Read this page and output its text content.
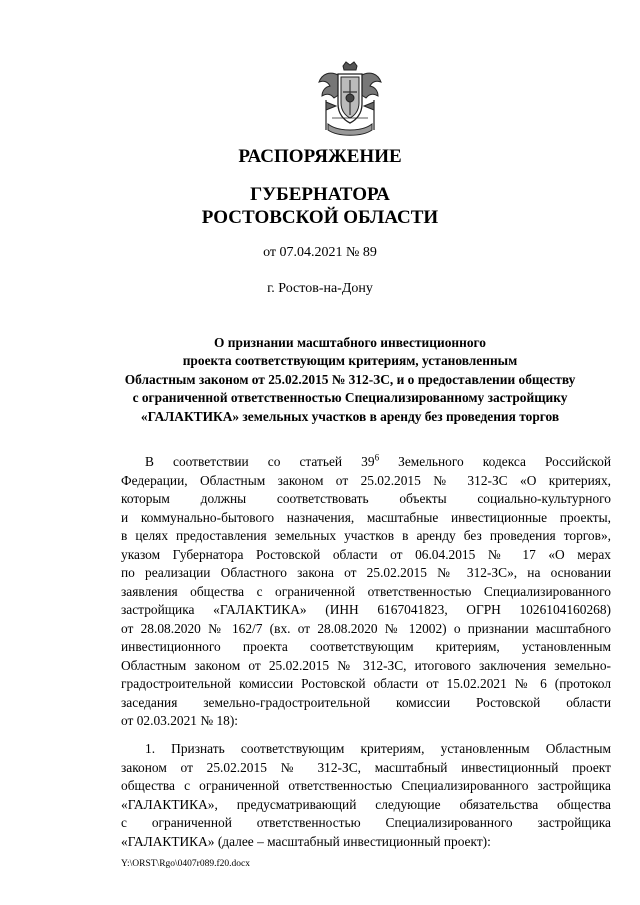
РАСПОРЯЖЕНИЕ
ГУБЕРНАТОРА
РОСТОВСКОЙ ОБЛАСТИ
от 07.04.2021 № 89
г. Ростов-на-Дону
О признании масштабного инвестиционного
проекта соответствующим критериям, установленным
Областным законом от 25.02.2015 № 312-ЗС, и о предоставлении обществу
с ограниченной ответственностью Специализированному застройщику
«ГАЛАКТИКА» земельных участков в аренду без проведения торгов
В соответствии со статьей $39^6$ Земельного кодекса Российской
Федерации, Областным законом от 25.02.2015 № 312-ЗС «О критериях,
которым должны соответствовать объекты социально-культурного
и коммунально-бытового назначения, масштабные инвестиционные проекты,
в целях предоставления земельных участков в аренду без проведения торгов»,
указом Губернатора Ростовской области от 06.04.2015 № 17 «О мерах
по реализации Областного закона от 25.02.2015 № 312-ЗС», на основании
заявления общества с ограниченной ответственностью Специализированного
застройщика «ГАЛАКТИКА» (ИНН 6167041823, ОГРН 1026104160268)
от 28.08.2020 № 162/7 (вх. от 28.08.2020 № 12002) о признании масштабного
инвестиционного проекта соответствующим критериям, установленным
Областным законом от 25.02.2015 № 312-ЗС, итогового заключения земельно-
градостроительной комиссии Ростовской области от 15.02.2021 № 6 (протокол
заседания земельно-градостроительной комиссии Ростовской области
от 02.03.2021 № 18):
1. Признать соответствующим критериям, установленным Областным
законом от 25.02.2015 № 312-ЗС, масштабный инвестиционный проект
общества с ограниченной ответственностью Специализированного застройщика
«ГАЛАКТИКА», предусматривающий следующие обязательства общества
с ограниченной ответственностью Специализированного застройщика
«ГАЛАКТИКА» (далее – масштабный инвестиционный проект):
Y:\ORST\Rgo\0407r089.f20.docx
